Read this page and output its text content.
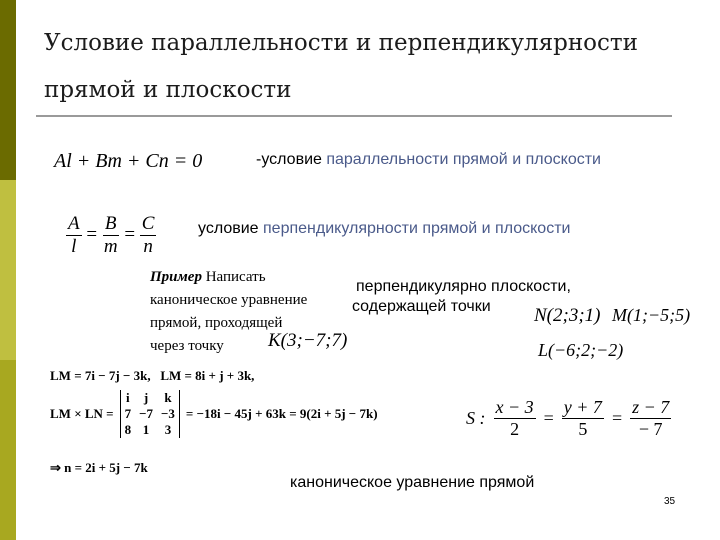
Условие параллельности и перпендикулярности
прямой и плоскости
Al + Bm + Cn = 0	-условие параллельности прямой и плоскости
$\frac{A}{l} = \frac{B}{m} = \frac{C}{n}$	условие перпендикулярности прямой и плоскости
Пример Написать
каноническое уравнение
прямой, проходящей
через точку	K(3;−7;7)
перпендикулярно плоскости,
содержащей точки N(2;3;1) M(1;−5;5)
L(−6;2;−2)
LM = 7i − 7j − 3k,   LM = 8i + j + 3k,
LM × LN =
i	j	k
7	−7	−3
8	1	3
= −18i − 45j + 63k = 9(2i + 5j − 7k)
⇒ n = 2i + 5j − 7k
S : $\frac{x - 3}{2} = \frac{y + 7}{5} = \frac{z - 7}{- 7}$
каноническое уравнение прямой
35
